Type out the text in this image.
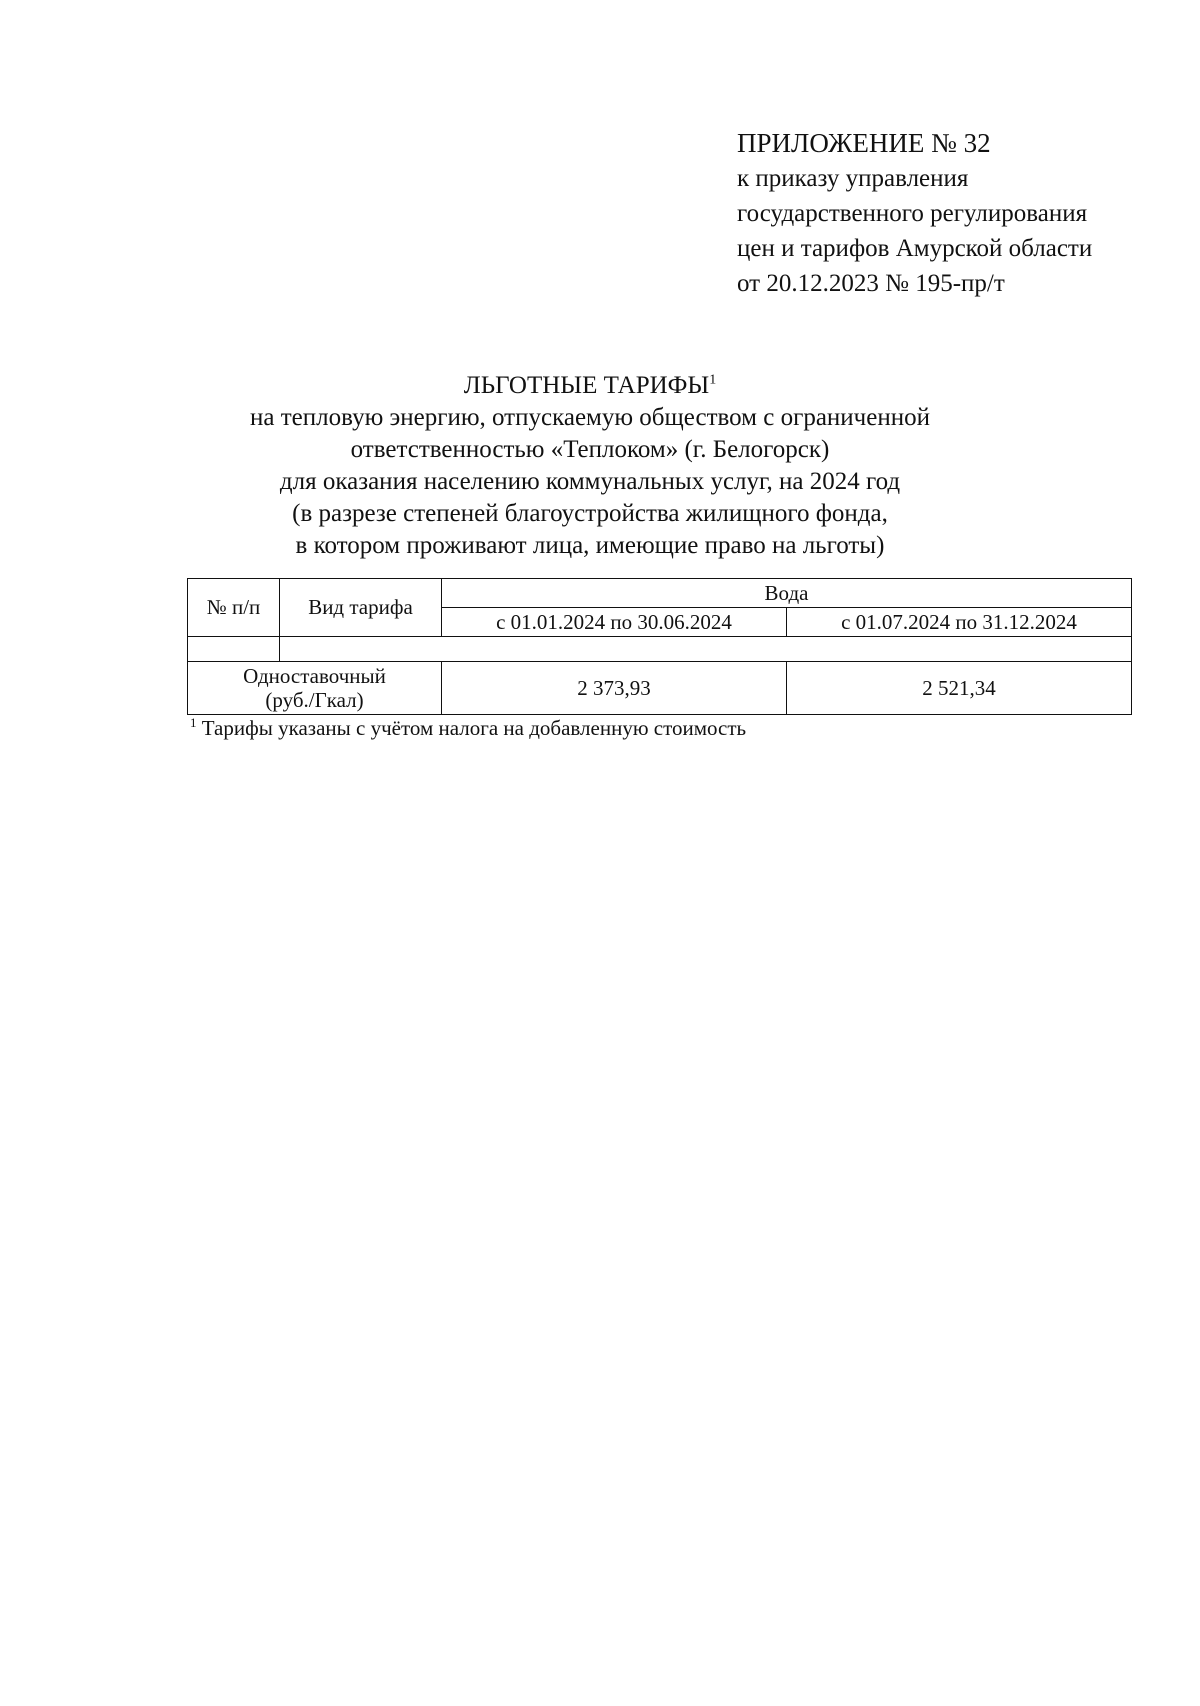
ПРИЛОЖЕНИЕ № 32
к приказу управления
государственного регулирования
цен и тарифов Амурской области
от 20.12.2023 № 195-пр/т
ЛЬГОТНЫЕ ТАРИФЫ$^1$
на тепловую энергию, отпускаемую обществом с ограниченной
ответственностью «Теплоком» (г. Белогорск)
для оказания населению коммунальных услуг, на 2024 год
(в разрезе степеней благоустройства жилищного фонда,
в котором проживают лица, имеющие право на льготы)
№ п/п	Вид тарифа	Вода	
		с 01.01.2024 по 30.06.2024	с 01.07.2024 по 31.12.2024

Одноставочный
(руб./Гкал)		2 373,93	2 521,34
$^1$ Тарифы указаны с учётом налога на добавленную стоимость
